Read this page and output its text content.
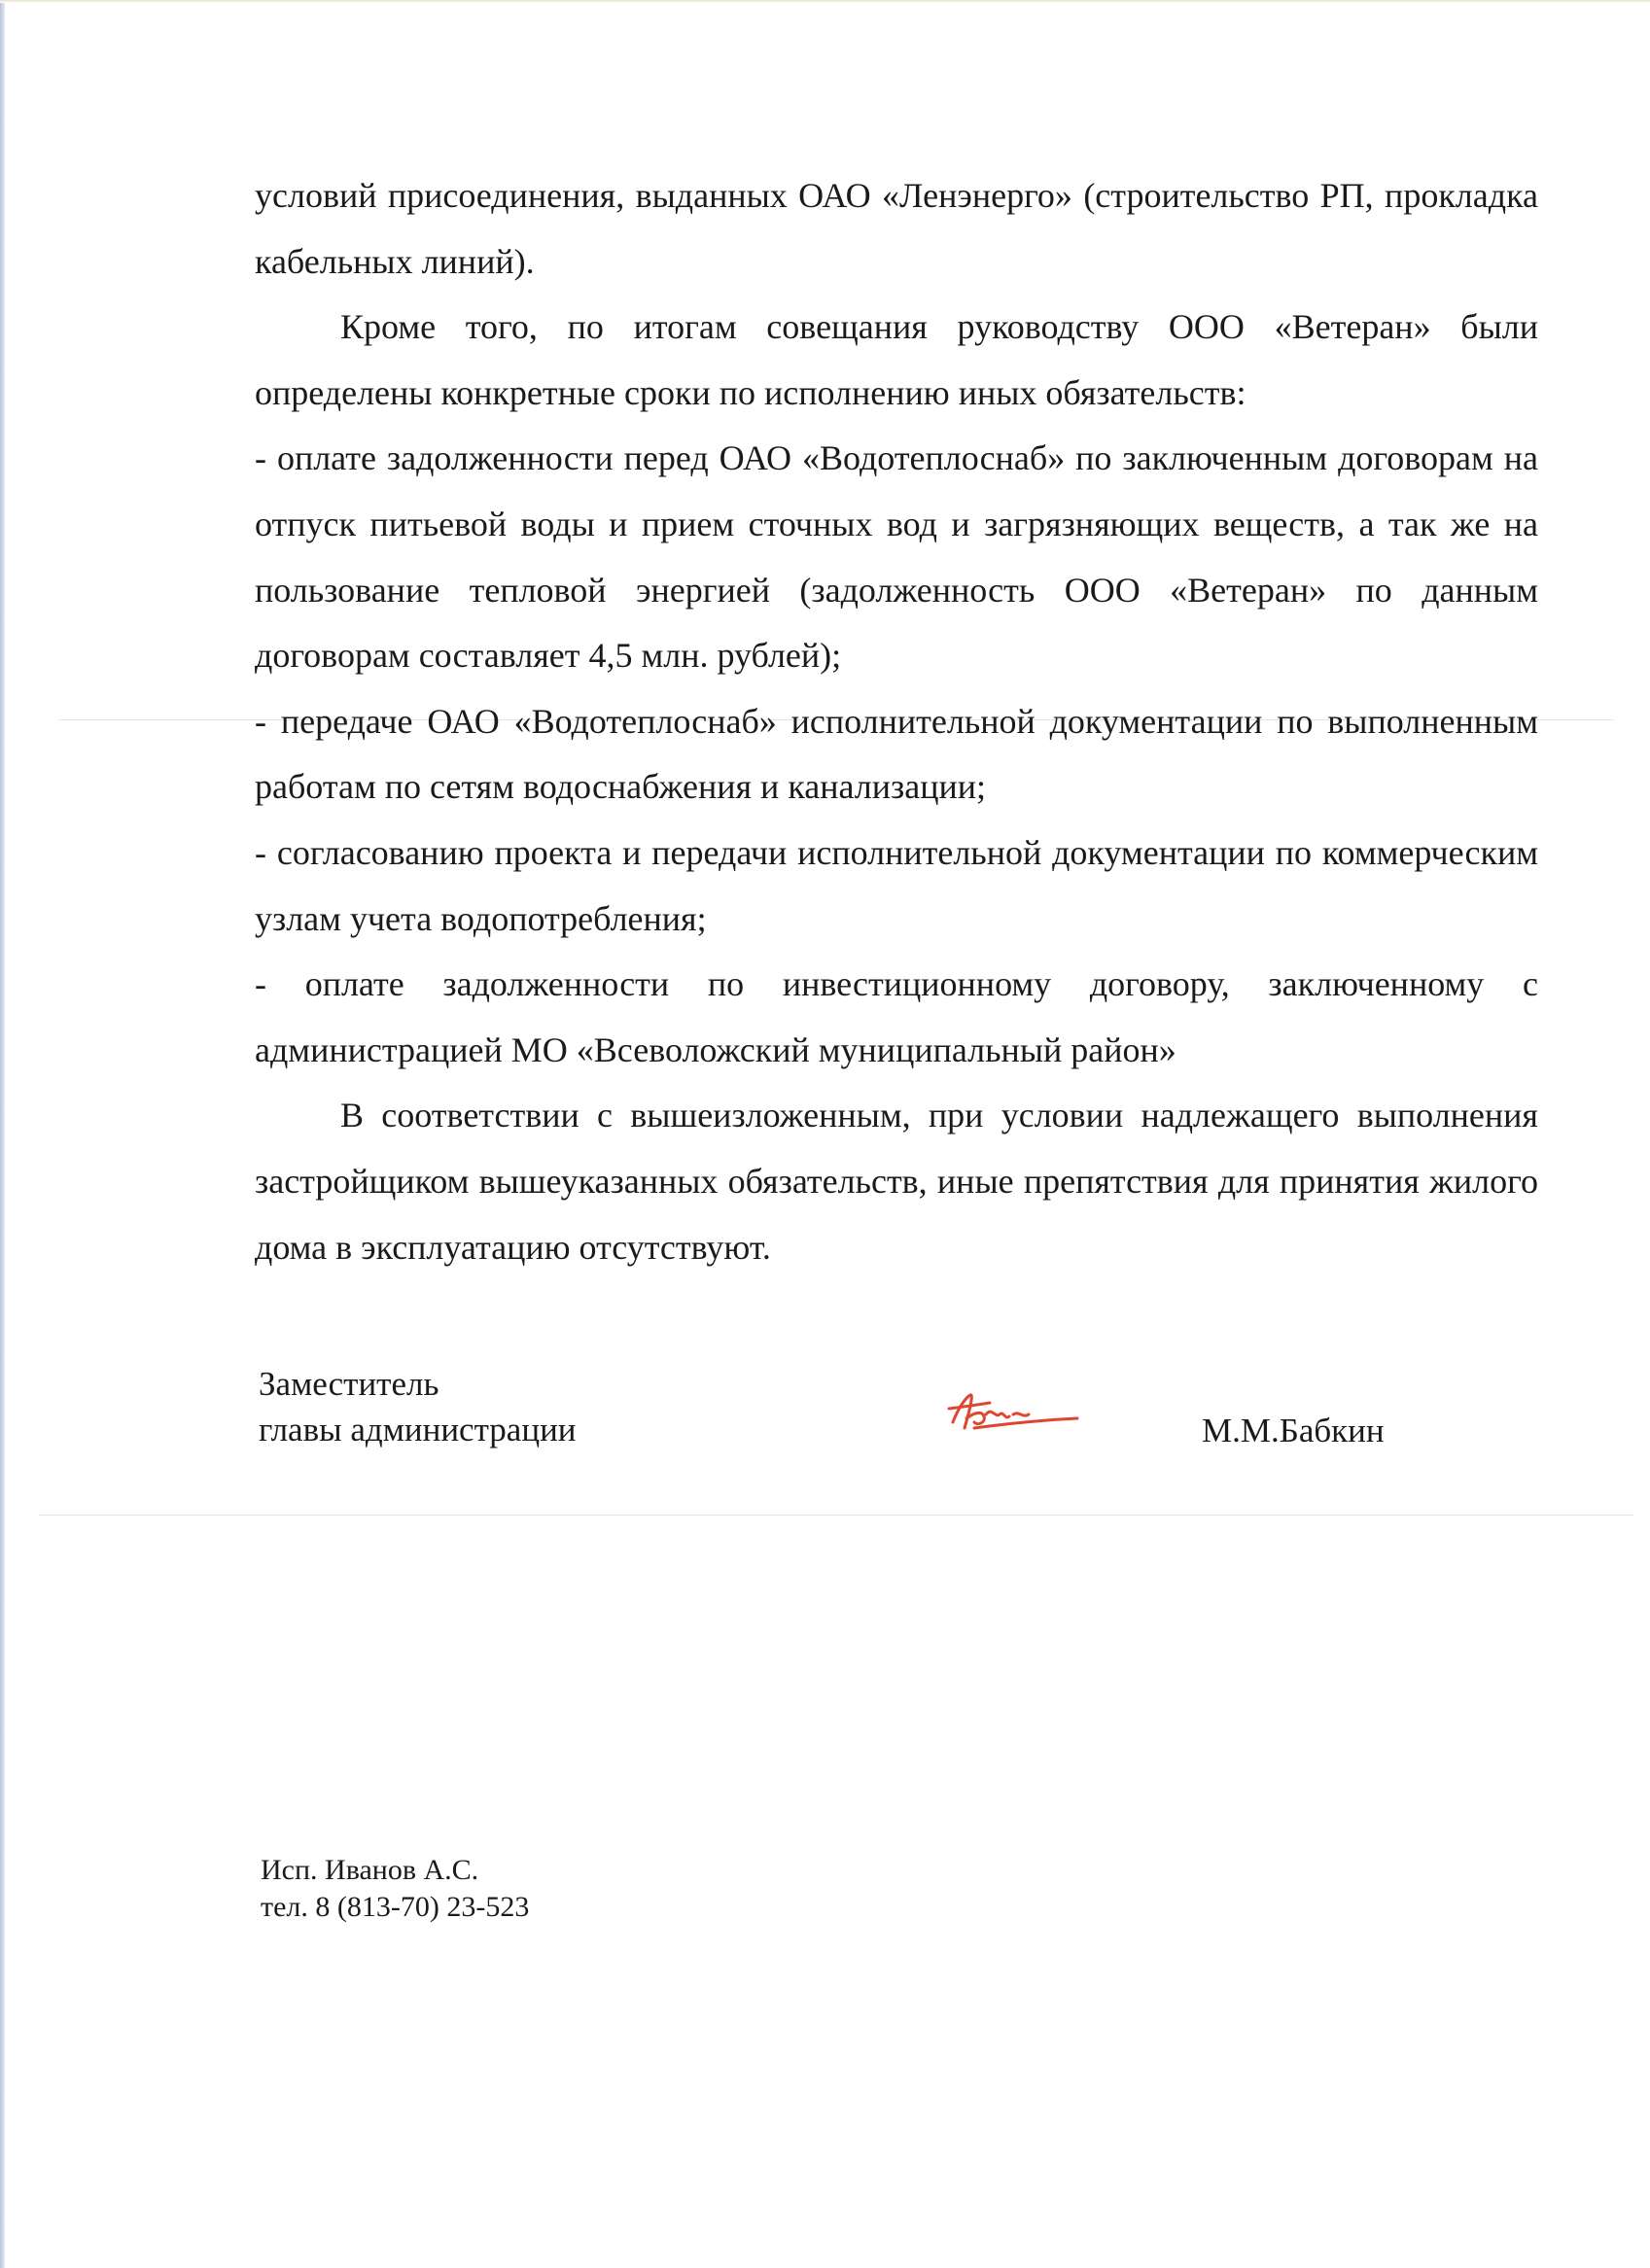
условий присоединения, выданных ОАО «Ленэнерго» (строительство РП, прокладка кабельных линий).

Кроме того, по итогам совещания руководству ООО «Ветеран» были определены конкретные сроки по исполнению иных обязательств:

- оплате задолженности перед ОАО «Водотеплоснаб» по заключенным договорам на отпуск питьевой воды и прием сточных вод и загрязняющих веществ, а так же на пользование тепловой энергией (задолженность ООО «Ветеран» по данным договорам составляет 4,5 млн. рублей);

- передаче ОАО «Водотеплоснаб» исполнительной документации по выполненным работам по сетям водоснабжения и канализации;

- согласованию проекта и передачи исполнительной документации по коммерческим узлам учета водопотребления;

- оплате задолженности по инвестиционному договору, заключенному с администрацией МО «Всеволожский муниципальный район»

В соответствии с вышеизложенным, при условии надлежащего выполнения застройщиком вышеуказанных обязательств, иные препятствия для принятия жилого дома в эксплуатацию отсутствуют.

Заместитель
главы администрации	М.М.Бабкин
Исп. Иванов А.С.
тел. 8 (813-70) 23-523
